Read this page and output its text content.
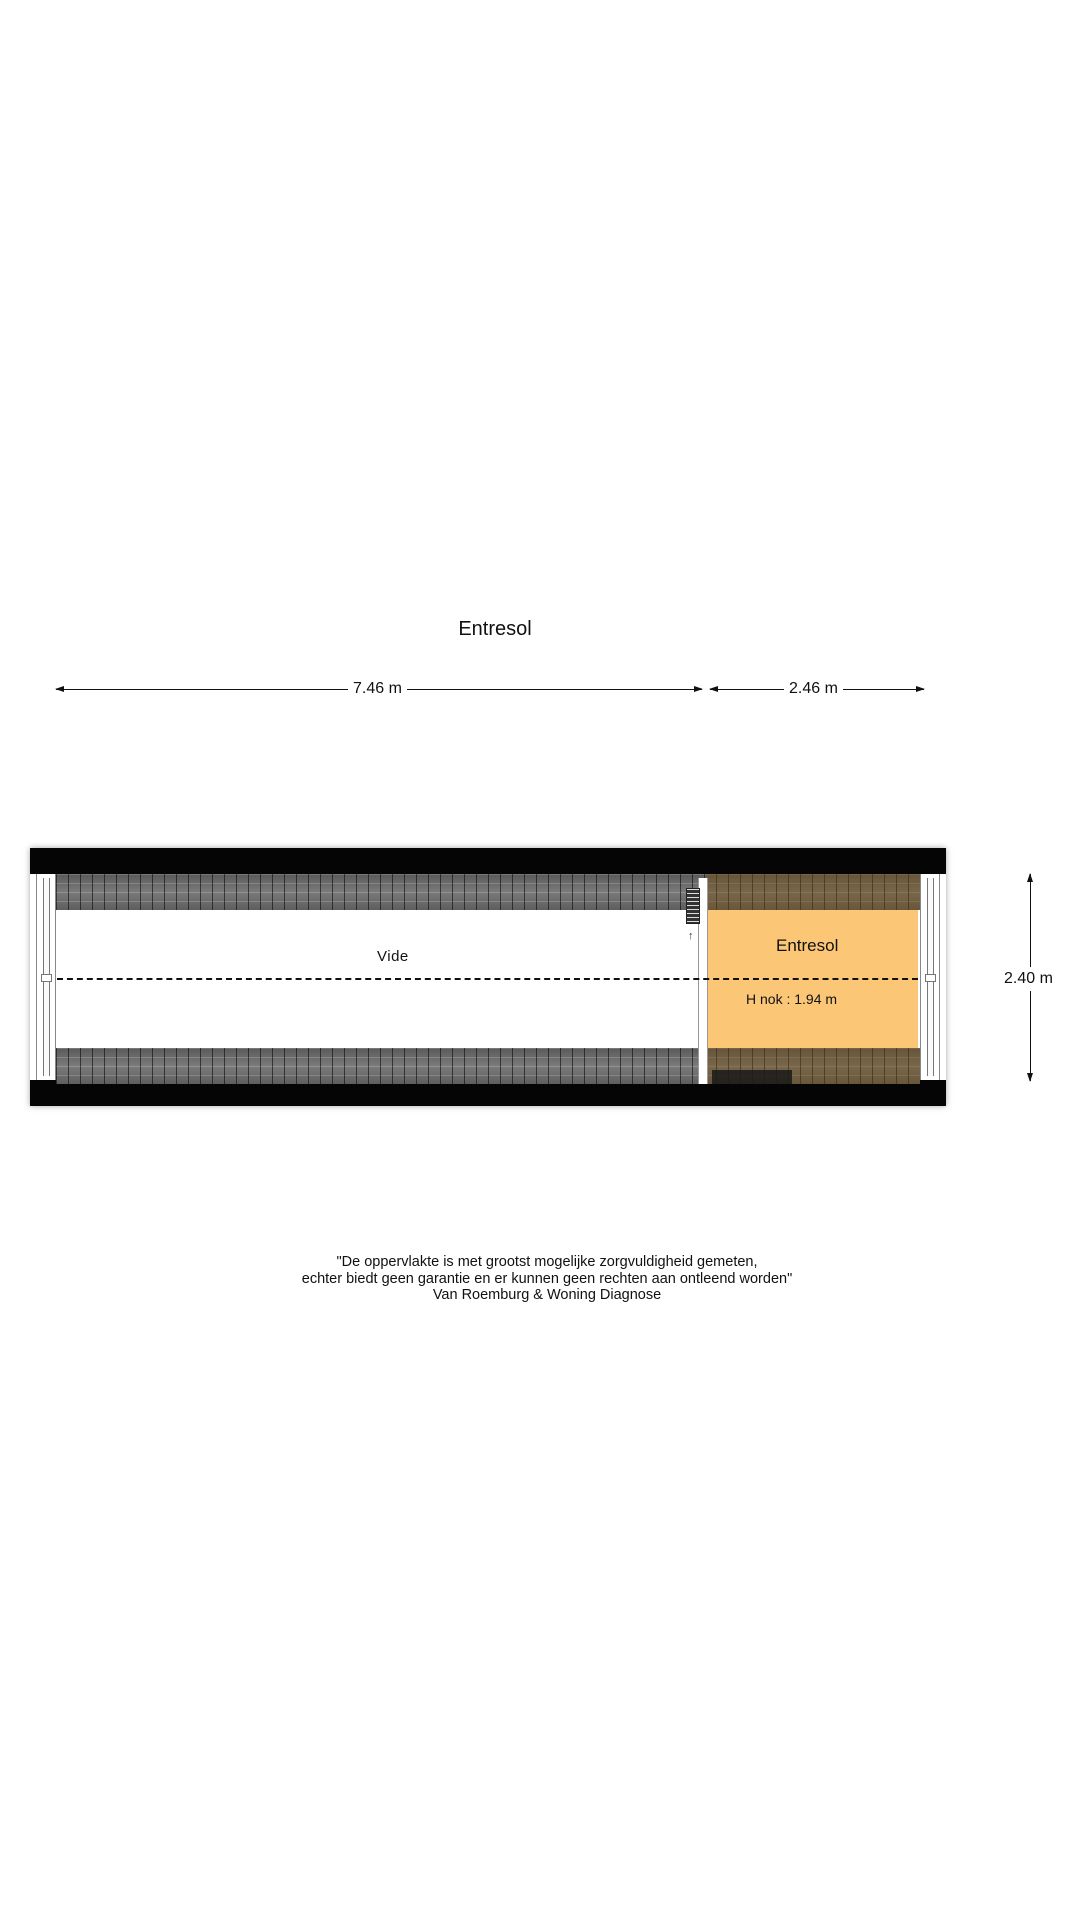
Entresol
7.46 m	2.46 m
2.40 m
↑
Vide
Entresol
H nok : 1.94 m
"De oppervlakte is met grootst mogelijke zorgvuldigheid gemeten,
echter biedt geen garantie en er kunnen geen rechten aan ontleend worden"
Van Roemburg & Woning Diagnose
